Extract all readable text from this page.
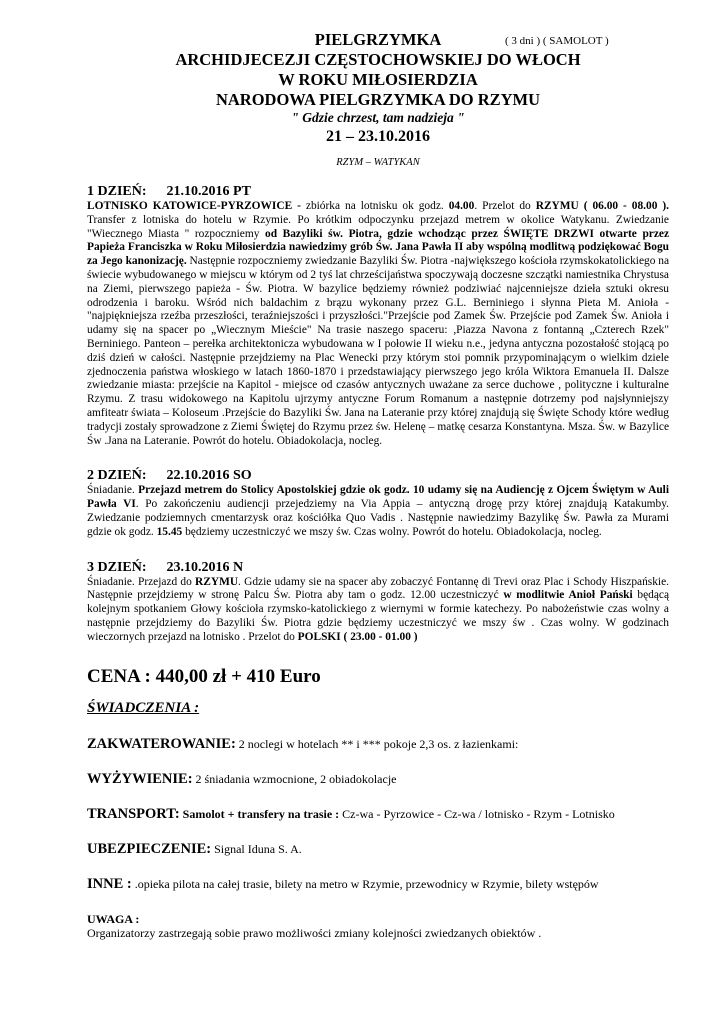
PIELGRZYMKA	( 3 dni ) ( SAMOLOT )
ARCHIDJECEZJI CZĘSTOCHOWSKIEJ DO WŁOCH
W ROKU MIŁOSIERDZIA
NARODOWA PIELGRZYMKA DO RZYMU
" Gdzie chrzest, tam nadzieja "
21 – 23.10.2016
RZYM – WATYKAN
1 DZIEŃ: 21.10.2016 PT
LOTNISKO KATOWICE-PYRZOWICE - zbiórka na lotnisku ok godz. 04.00. Przelot do RZYMU ( 06.00 - 08.00 ). Transfer z lotniska do hotelu w Rzymie. Po krótkim odpoczynku przejazd metrem w okolice Watykanu. Zwiedzanie "Wiecznego Miasta " rozpoczniemy od Bazyliki św. Piotra, gdzie wchodząc przez ŚWIĘTE DRZWI otwarte przez Papieża Franciszka w Roku Miłosierdzia nawiedzimy grób Św. Jana Pawła II aby wspólną modlitwą podziękować Bogu za Jego kanonizację. Następnie rozpoczniemy zwiedzanie Bazyliki Św. Piotra -największego kościoła rzymskokatolickiego na świecie wybudowanego w miejscu w którym od 2 tyś lat chrześcijaństwa spoczywają doczesne szczątki namiestnika Chrystusa na Ziemi, pierwszego papieża - Św. Piotra. W bazylice będziemy również podziwiać najcenniejsze dzieła sztuki okresu odrodzenia i baroku. Wśród nich baldachim z brązu wykonany przez G.L. Berniniego i słynna Pieta M. Anioła - "najpiękniejsza rzeźba przeszłości, teraźniejszości i przyszłości."Przejście pod Zamek Św. Przejście pod Zamek Św. Anioła i udamy się na spacer po „Wiecznym Mieście" Na trasie naszego spaceru: ,Piazza Navona z fontanną „Czterech Rzek" Berniniego. Panteon – perełka architektonicza wybudowana w I połowie II wieku n.e., jedyna antyczna pozostałość stojącą po dziś dzień w całości. Następnie przejdziemy na Plac Wenecki przy którym stoi pomnik przypominającym o wielkim dziele zjednoczenia państwa włoskiego w latach 1860-1870 i przedstawiający pierwszego jego króla Wiktora Emanuela II. Dalsze zwiedzanie miasta: przejście na Kapitol - miejsce od czasów antycznych uważane za serce duchowe , polityczne i kulturalne Rzymu. Z trasu widokowego na Kapitolu ujrzymy antyczne Forum Romanum a następnie dotrzemy pod najsłynniejszy amfiteatr świata – Koloseum .Przejście do Bazyliki Św. Jana na Lateranie przy której znajdują się Święte Schody które według tradycji zostały sprowadzone z Ziemi Świętej do Rzymu przez św. Helenę – matkę cesarza Konstantyna. Msza. Św. w Bazylice Św .Jana na Lateranie. Powrót do hotelu. Obiadokolacja, nocleg.
2 DZIEŃ: 22.10.2016 SO
Śniadanie. Przejazd metrem do Stolicy Apostolskiej gdzie ok godz. 10 udamy się na Audiencję z Ojcem Świętym w Auli Pawła VI. Po zakończeniu audiencji przejedziemy na Via Appia – antyczną drogę przy której znajdują Katakumby. Zwiedzanie podziemnych cmentarzysk oraz kościółka Quo Vadis . Następnie nawiedzimy Bazylikę Św. Pawła za Murami gdzie ok godz. 15.45 będziemy uczestniczyć we mszy św. Czas wolny. Powrót do hotelu. Obiadokolacja, nocleg.
3 DZIEŃ: 23.10.2016 N
Śniadanie. Przejazd do RZYMU. Gdzie udamy sie na spacer aby zobaczyć Fontannę di Trevi oraz Plac i Schody Hiszpańskie. Następnie przejdziemy w stronę Palcu Św. Piotra aby tam o godz. 12.00 uczestniczyć w modlitwie Anioł Pański będącą kolejnym spotkaniem Głowy kościoła rzymsko-katolickiego z wiernymi w formie katechezy. Po nabożeństwie czas wolny a następnie przejdziemy do Bazyliki Św. Piotra gdzie będziemy uczestniczyć we mszy św . Czas wolny. W godzinach wieczornych przejazd na lotnisko . Przelot do POLSKI ( 23.00 - 01.00 )
CENA : 440,00 zł + 410 Euro
ŚWIADCZENIA :
ZAKWATEROWANIE: 2 noclegi w hotelach ** i *** pokoje 2,3 os. z łazienkami:
WYŻYWIENIE: 2 śniadania wzmocnione, 2 obiadokolacje
TRANSPORT: Samolot + transfery na trasie : Cz-wa - Pyrzowice - Cz-wa / lotnisko - Rzym - Lotnisko
UBEZPIECZENIE: Signal Iduna S. A.
INNE : .opieka pilota na całej trasie, bilety na metro w Rzymie, przewodnicy w Rzymie, bilety wstępów
UWAGA :
Organizatorzy zastrzegają sobie prawo możliwości zmiany kolejności zwiedzanych obiektów .
